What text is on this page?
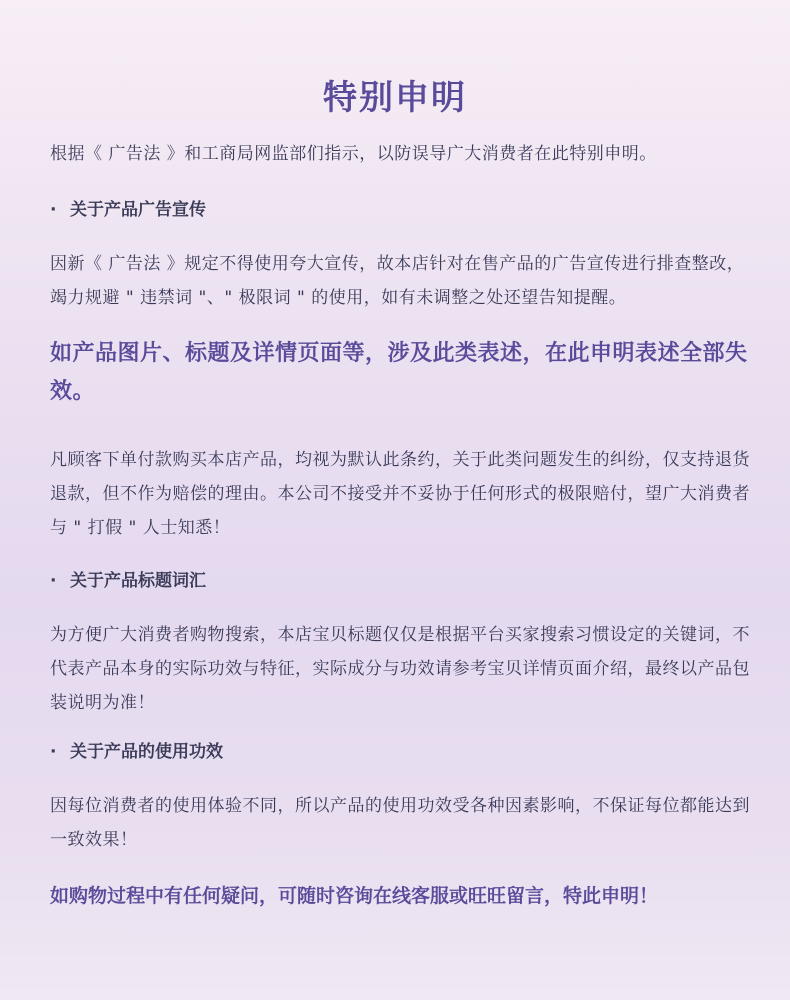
特别申明

根据《 广告法 》和工商局网监部们指示，以防误导广大消费者在此特别申明。

· 关于产品广告宣传

因新《 广告法 》规定不得使用夸大宣传，故本店针对在售产品的广告宣传进行排查整改，竭力规避 " 违禁词 "、" 极限词 " 的使用，如有未调整之处还望告知提醒。

如产品图片、标题及详情页面等，涉及此类表述，在此申明表述全部失效。

凡顾客下单付款购买本店产品，均视为默认此条约，关于此类问题发生的纠纷，仅支持退货退款，但不作为赔偿的理由。本公司不接受并不妥协于任何形式的极限赔付，望广大消费者与 " 打假 " 人士知悉！

· 关于产品标题词汇

为方便广大消费者购物搜索，本店宝贝标题仅仅是根据平台买家搜索习惯设定的关键词，不代表产品本身的实际功效与特征，实际成分与功效请参考宝贝详情页面介绍，最终以产品包装说明为准！

· 关于产品的使用功效

因每位消费者的使用体验不同，所以产品的使用功效受各种因素影响，不保证每位都能达到一致效果！

如购物过程中有任何疑问，可随时咨询在线客服或旺旺留言，特此申明！
